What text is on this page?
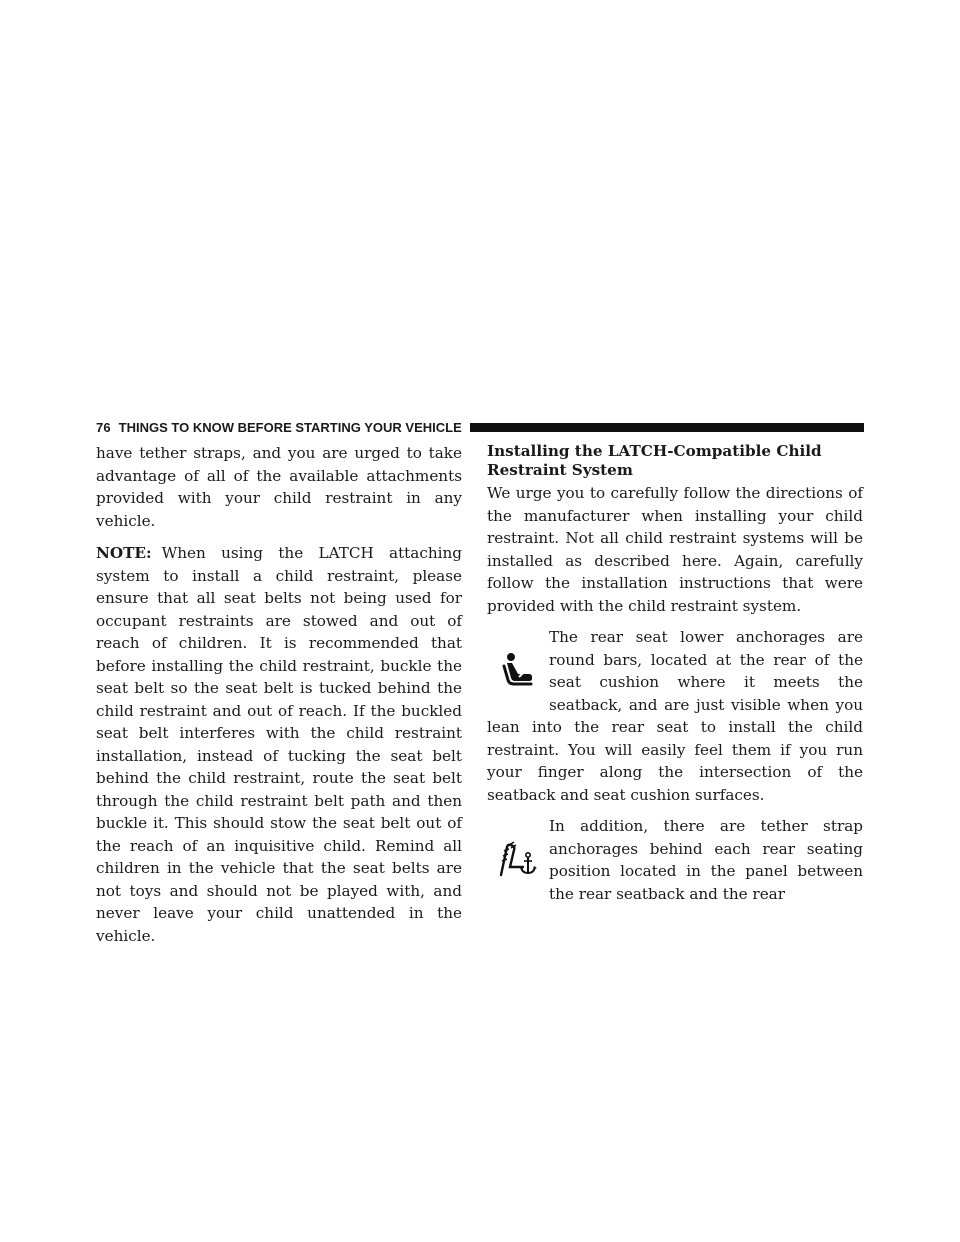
76 THINGS TO KNOW BEFORE STARTING YOUR VEHICLE

have tether straps, and you are urged to take advantage of all of the available attachments provided with your child restraint in any vehicle.

NOTE: When using the LATCH attaching system to install a child restraint, please ensure that all seat belts not being used for occupant restraints are stowed and out of reach of children. It is recommended that before installing the child restraint, buckle the seat belt so the seat belt is tucked behind the child restraint and out of reach. If the buckled seat belt interferes with the child restraint installation, instead of tucking the seat belt behind the child restraint, route the seat belt through the child restraint belt path and then buckle it. This should stow the seat belt out of the reach of an inquisitive child. Remind all children in the vehicle that the seat belts are not toys and should not be played with, and never leave your child unattended in the vehicle.

Installing the LATCH-Compatible Child Restraint System

We urge you to carefully follow the directions of the manufacturer when installing your child restraint. Not all child restraint systems will be installed as described here. Again, carefully follow the installation instructions that were provided with the child restraint system.

The rear seat lower anchorages are round bars, located at the rear of the seat cushion where it meets the seatback, and are just visible when you lean into the rear seat to install the child restraint. You will easily feel them if you run your finger along the intersection of the seatback and seat cushion surfaces.

In addition, there are tether strap anchorages behind each rear seating position located in the panel between the rear seatback and the rear
